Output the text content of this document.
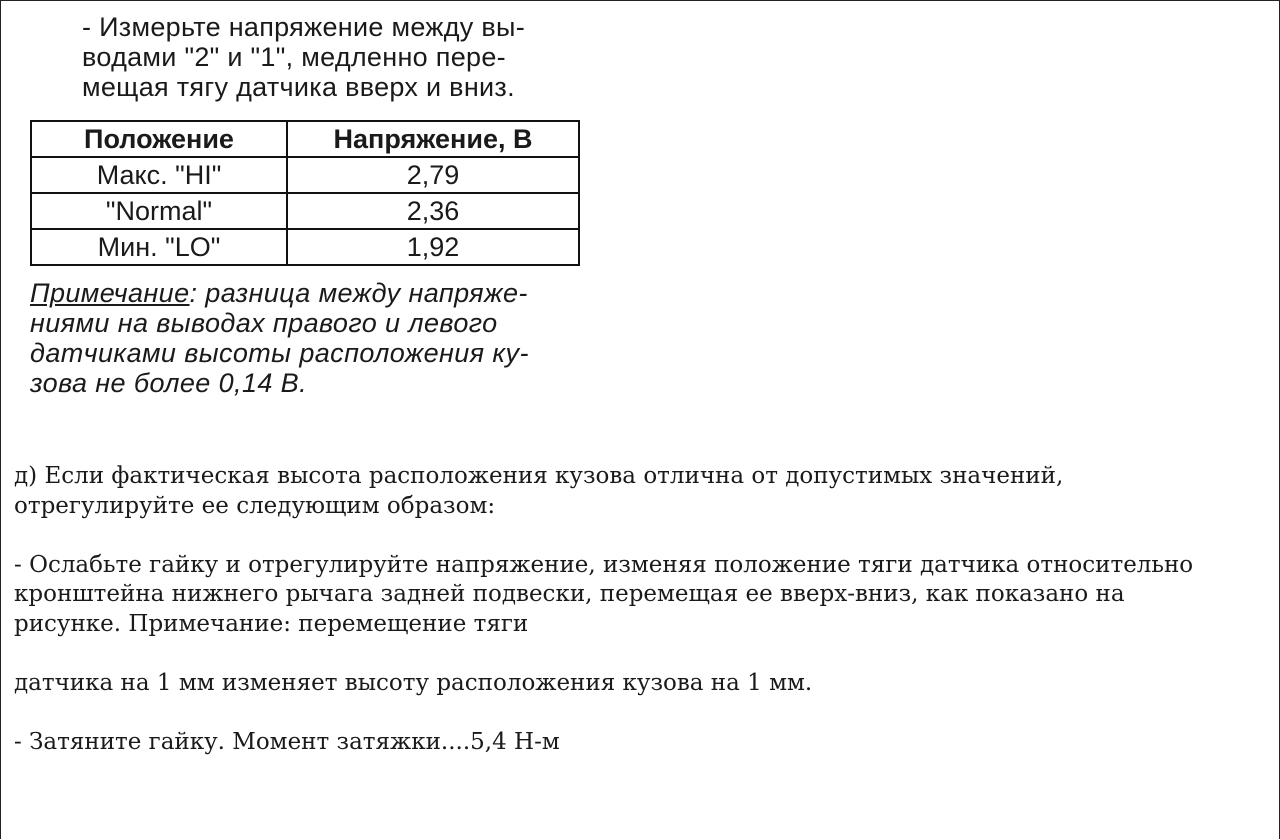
- Измерьте напряжение между вы-
водами "2" и "1", медленно пере-
мещая тягу датчика вверх и вниз.
Положение	Напряжение, В
Макс. "HI"	2,79
"Normal"	2,36
Мин. "LO"	1,92
Примечание: разница между напряже-
ниями на выводах правого и левого
датчиками высоты расположения ку-
зова не более 0,14 В.

д) Если фактическая высота расположения кузова отлична от допустимых значений,

отрегулируйте ее следующим образом:

- Ослабьте гайку и отрегулируйте напряжение, изменяя положение тяги датчика относительно

кронштейна нижнего рычага задней подвески, перемещая ее вверх-вниз, как показано на

рисунке. Примечание: перемещение тяги

датчика на 1 мм изменяет высоту расположения кузова на 1 мм.

- Затяните гайку. Момент затяжки....5,4 Н-м
